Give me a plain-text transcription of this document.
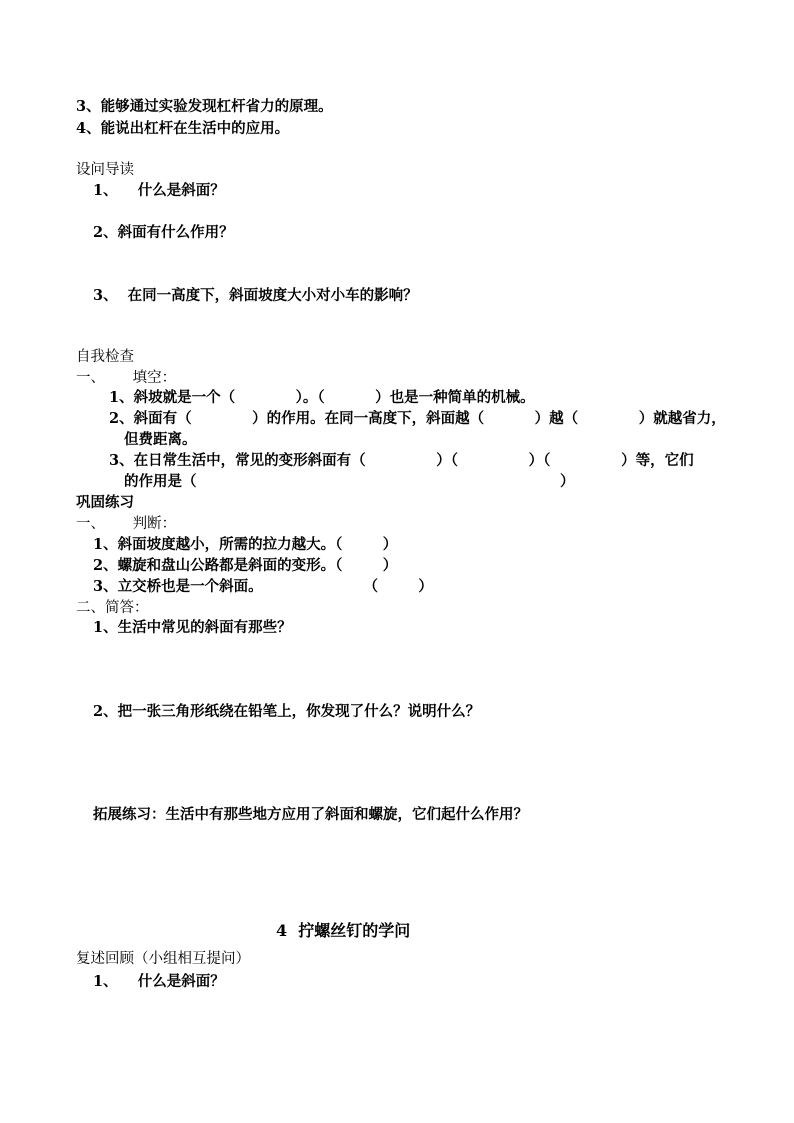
3、能够通过实验发现杠杆省力的原理。
4、能说出杠杆在生活中的应用。
设问导读
1、    什么是斜面？
2、斜面有什么作用？
3、  在同一高度下，斜面坡度大小对小车的影响？
自我检查
一、      填空：
1、斜坡就是一个（            ）。（          ）也是一种简单的机械。
2、斜面有（            ）的作用。在同一高度下，斜面越（          ）越（            ）就越省力，
但费距离。
3、在日常生活中，常见的变形斜面有（              ）（              ）（              ）等，它们
的作用是（                                                                        ）
巩固练习
一、      判断：
1、斜面坡度越小，所需的拉力越大。（        ）
2、螺旋和盘山公路都是斜面的变形。（        ）
3、立交桥也是一个斜面。                    （        ）
二、简答：
1、生活中常见的斜面有那些？
2、把一张三角形纸绕在铅笔上，你发现了什么？说明什么？
拓展练习：生活中有那些地方应用了斜面和螺旋，它们起什么作用？
4  拧螺丝钉的学问
复述回顾（小组相互提问）
1、    什么是斜面？
